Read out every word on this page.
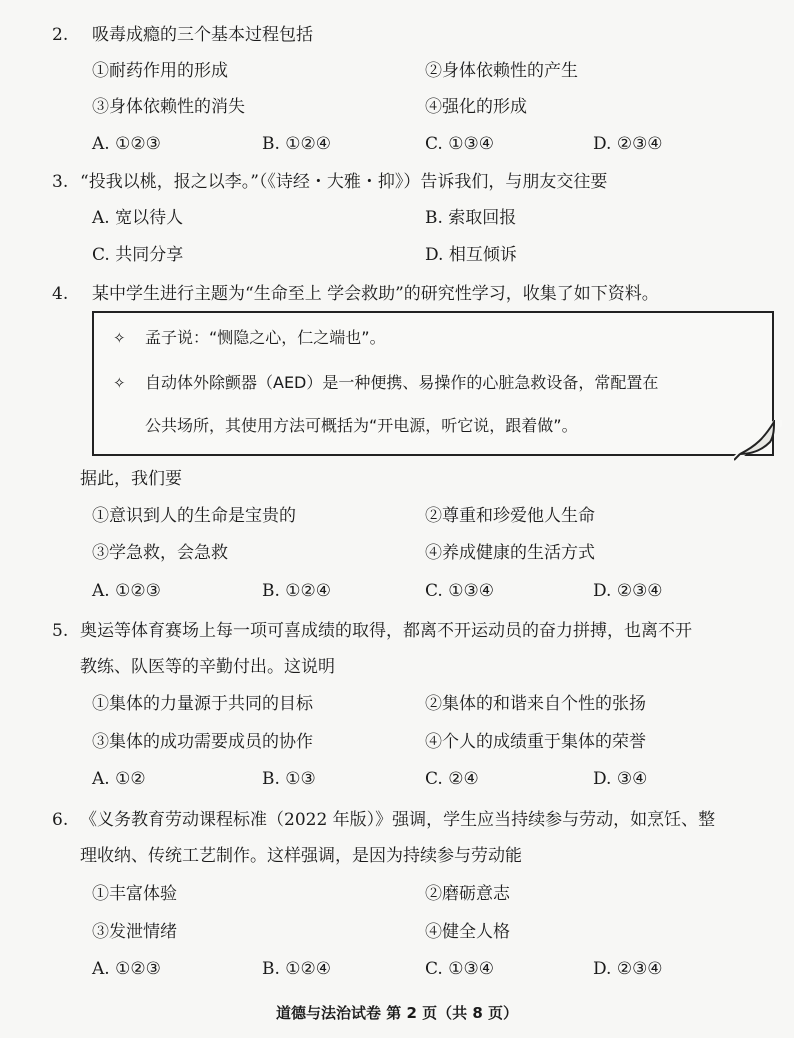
2. 吸毒成瘾的三个基本过程包括
①耐药作用的形成	②身体依赖性的产生
③身体依赖性的消失	④强化的形成
A. ①②③	B. ①②④	C. ①③④	D. ②③④
3. “投我以桃，报之以李。”（《诗经・大雅・抑》）告诉我们，与朋友交往要
A. 宽以待人	B. 索取回报
C. 共同分享	D. 相互倾诉
4. 某中学生进行主题为“生命至上 学会救助”的研究性学习，收集了如下资料。
✧ 孟子说：“恻隐之心，仁之端也”。
✧ 自动体外除颤器（AED）是一种便携、易操作的心脏急救设备，常配置在
公共场所，其使用方法可概括为“开电源，听它说，跟着做”。
据此，我们要
①意识到人的生命是宝贵的	②尊重和珍爱他人生命
③学急救，会急救	④养成健康的生活方式
A. ①②③	B. ①②④	C. ①③④	D. ②③④
5. 奥运等体育赛场上每一项可喜成绩的取得，都离不开运动员的奋力拼搏，也离不开
教练、队医等的辛勤付出。这说明
①集体的力量源于共同的目标	②集体的和谐来自个性的张扬
③集体的成功需要成员的协作	④个人的成绩重于集体的荣誉
A. ①②	B. ①③	C. ②④	D. ③④
6. 《义务教育劳动课程标准（2022 年版）》强调，学生应当持续参与劳动，如烹饪、整
理收纳、传统工艺制作。这样强调，是因为持续参与劳动能
①丰富体验	②磨砺意志
③发泄情绪	④健全人格
A. ①②③	B. ①②④	C. ①③④	D. ②③④
道德与法治试卷 第 2 页（共 8 页）
